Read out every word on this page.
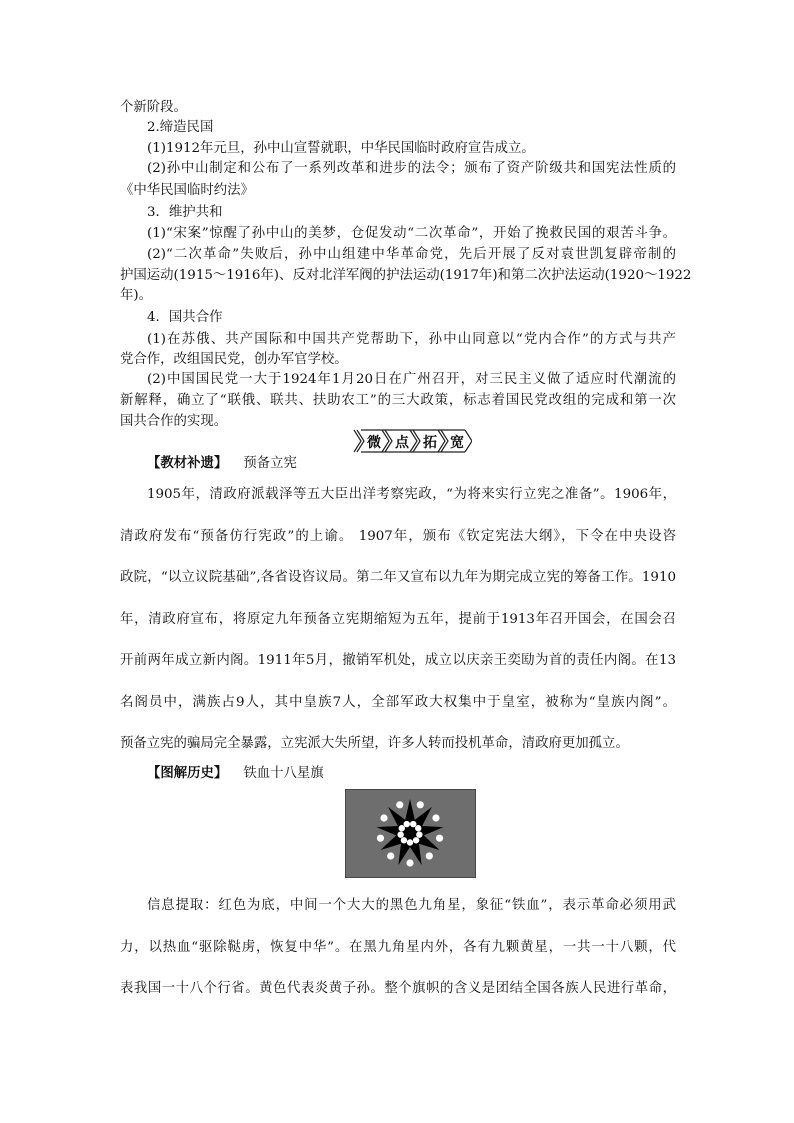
个新阶段。
2.缔造民国
(1)1912年元旦，孙中山宣誓就职，中华民国临时政府宣告成立。
(2)孙中山制定和公布了一系列改革和进步的法令；颁布了资产阶级共和国宪法性质的
《中华民国临时约法》
3．维护共和
(1)“宋案”惊醒了孙中山的美梦，仓促发动“二次革命”，开始了挽救民国的艰苦斗争。
(2)“二次革命”失败后，孙中山组建中华革命党，先后开展了反对袁世凯复辟帝制的
护国运动(1915～1916年)、反对北洋军阀的护法运动(1917年)和第二次护法运动(1920～1922
年)。
4．国共合作
(1)在苏俄、共产国际和中国共产党帮助下，孙中山同意以“党内合作”的方式与共产
党合作，改组国民党，创办军官学校。
(2)中国国民党一大于1924年1月20日在广州召开，对三民主义做了适应时代潮流的
新解释，确立了“联俄、联共、扶助农工”的三大政策，标志着国民党改组的完成和第一次
国共合作的实现。
微 点 拓 宽
【教材补遗】 预备立宪
1905年，清政府派载泽等五大臣出洋考察宪政，“为将来实行立宪之准备”。1906年，
清政府发布“预备仿行宪政”的上谕。 1907年，颁布《钦定宪法大纲》，下令在中央设咨
政院，“以立议院基础”,各省设咨议局。第二年又宣布以九年为期完成立宪的筹备工作。1910
年，清政府宣布，将原定九年预备立宪期缩短为五年，提前于1913年召开国会，在国会召
开前两年成立新内阁。1911年5月，撤销军机处，成立以庆亲王奕劻为首的责任内阁。在13
名阁员中，满族占9人，其中皇族7人，全部军政大权集中于皇室，被称为“皇族内阁”。
预备立宪的骗局完全暴露，立宪派大失所望，许多人转而投机革命，清政府更加孤立。
【图解历史】 铁血十八星旗
信息提取：红色为底，中间一个大大的黑色九角星，象征“铁血”，表示革命必须用武
力，以热血“驱除鞑虏，恢复中华”。在黑九角星内外，各有九颗黄星，一共一十八颗，代
表我国一十八个行省。黄色代表炎黄子孙。整个旗帜的含义是团结全国各族人民进行革命，
